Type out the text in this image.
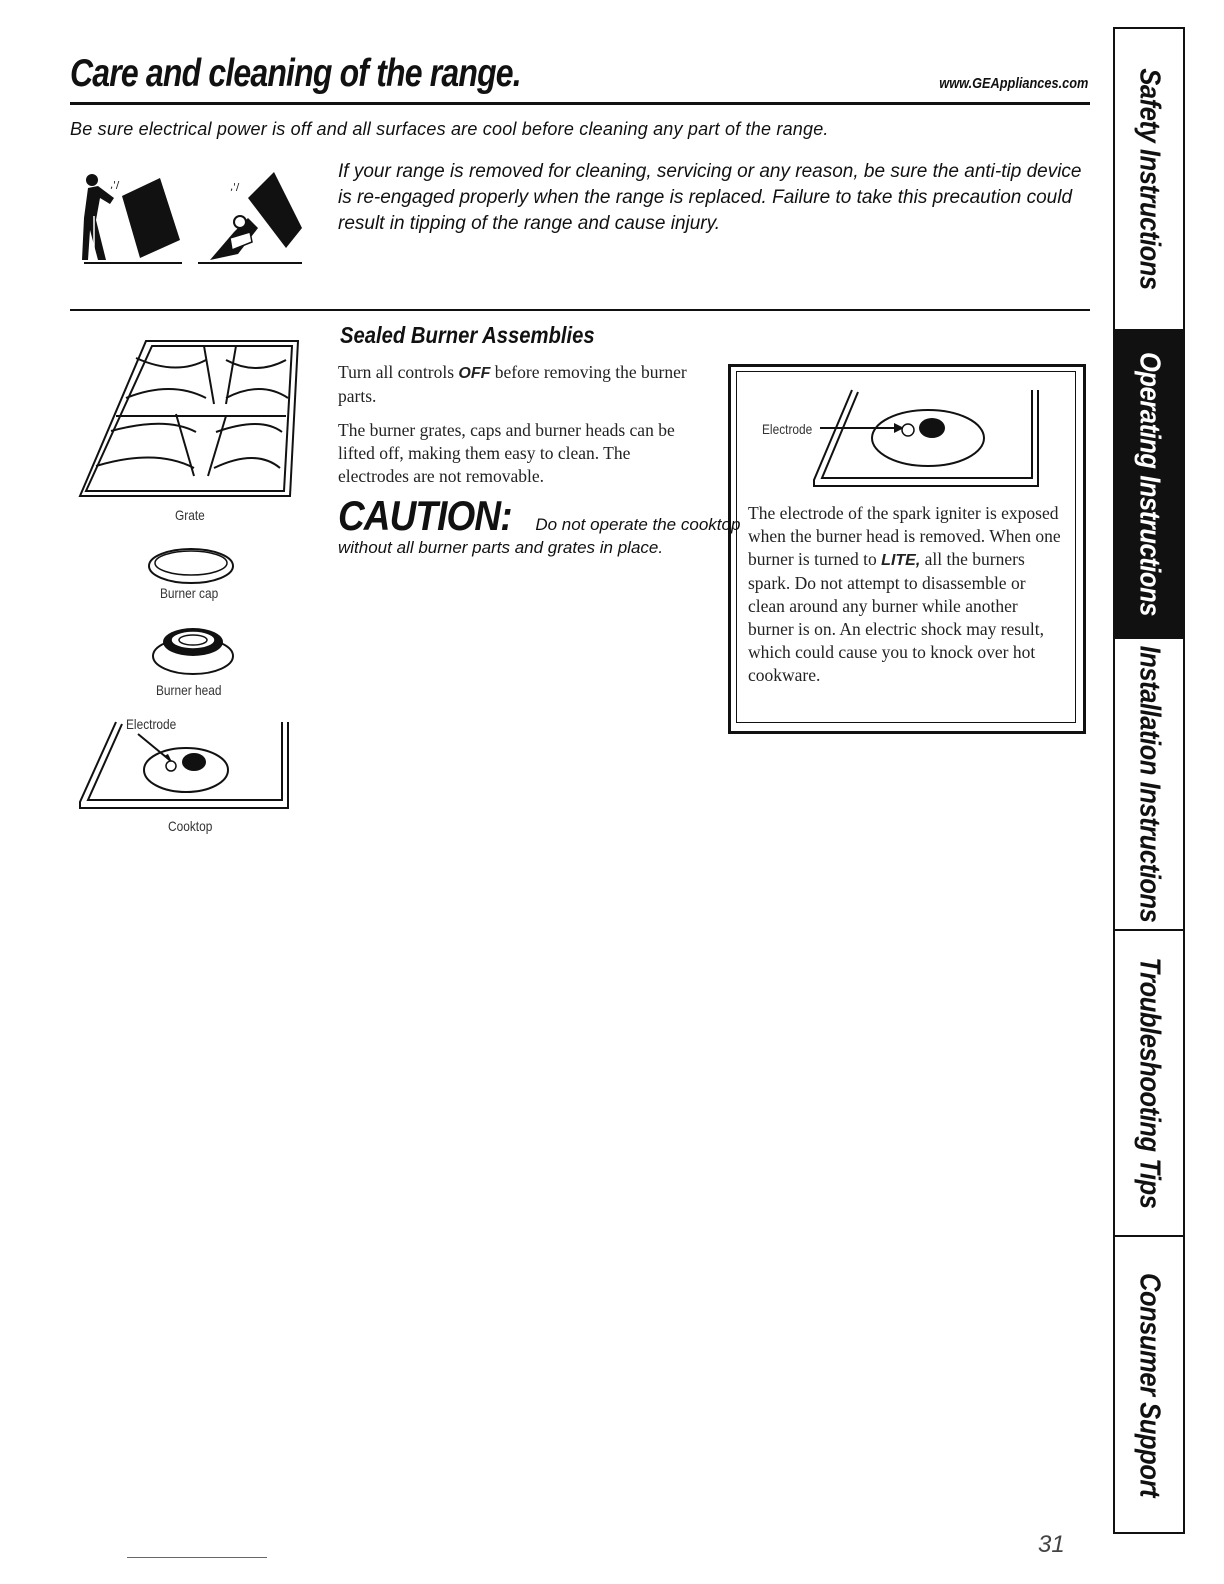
Care and cleaning of the range.	www.GEAppliances.com
Be sure electrical power is off and all surfaces are cool before cleaning any part of the range.
,'/	,'/
If your range is removed for cleaning, servicing or any reason, be sure the anti-tip device is re-engaged properly when the range is replaced. Failure to take this precaution could result in tipping of the range and cause injury.
Grate
Burner cap
Burner head
Electrode
Cooktop
Sealed Burner Assemblies
Turn all controls OFF before removing the burner parts.
The burner grates, caps and burner heads can be lifted off, making them easy to clean. The electrodes are not removable.
CAUTION: Do not operate the cooktop
without all burner parts and grates in place.
Electrode
The electrode of the spark igniter is exposed when the burner head is removed. When one burner is turned to LITE, all the burners spark. Do not attempt to disassemble or clean around any burner while another burner is on. An electric shock may result, which could cause you to knock over hot cookware.
Safety Instructions
Operating Instructions
Installation Instructions
Troubleshooting Tips
Consumer Support
31
